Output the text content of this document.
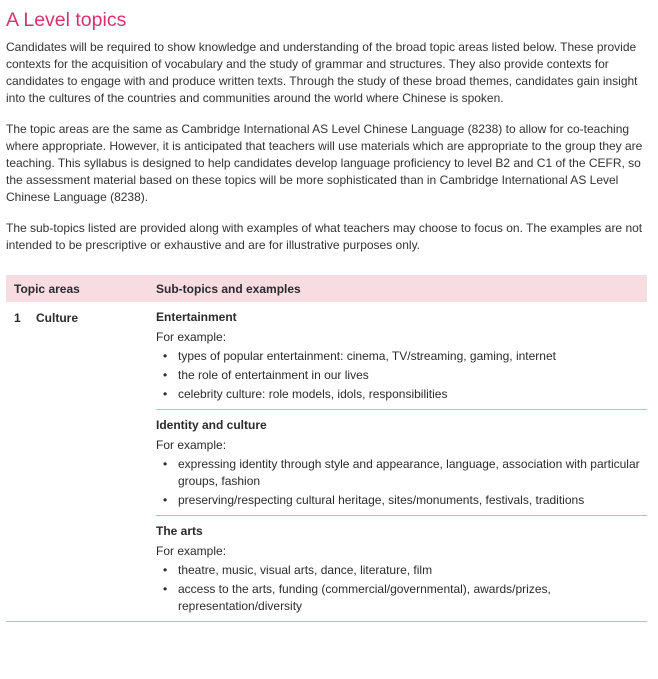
A Level topics

Candidates will be required to show knowledge and understanding of the broad topic areas listed below. These provide contexts for the acquisition of vocabulary and the study of grammar and structures. They also provide contexts for candidates to engage with and produce written texts. Through the study of these broad themes, candidates gain insight into the cultures of the countries and communities around the world where Chinese is spoken.

The topic areas are the same as Cambridge International AS Level Chinese Language (8238) to allow for co-teaching where appropriate. However, it is anticipated that teachers will use materials which are appropriate to the group they are teaching. This syllabus is designed to help candidates develop language proficiency to level B2 and C1 of the CEFR, so the assessment material based on these topics will be more sophisticated than in Cambridge International AS Level Chinese Language (8238).

The sub-topics listed are provided along with examples of what teachers may choose to focus on. The examples are not intended to be prescriptive or exhaustive and are for illustrative purposes only.

Topic areas	Sub-topics and examples
1 Culture	Entertainment
For example:
• types of popular entertainment: cinema, TV/streaming, gaming, internet
• the role of entertainment in our lives
• celebrity culture: role models, idols, responsibilities
Identity and culture
For example:
• expressing identity through style and appearance, language, association with particular groups, fashion
• preserving/respecting cultural heritage, sites/monuments, festivals, traditions
The arts
For example:
• theatre, music, visual arts, dance, literature, film
• access to the arts, funding (commercial/governmental), awards/prizes, representation/diversity
